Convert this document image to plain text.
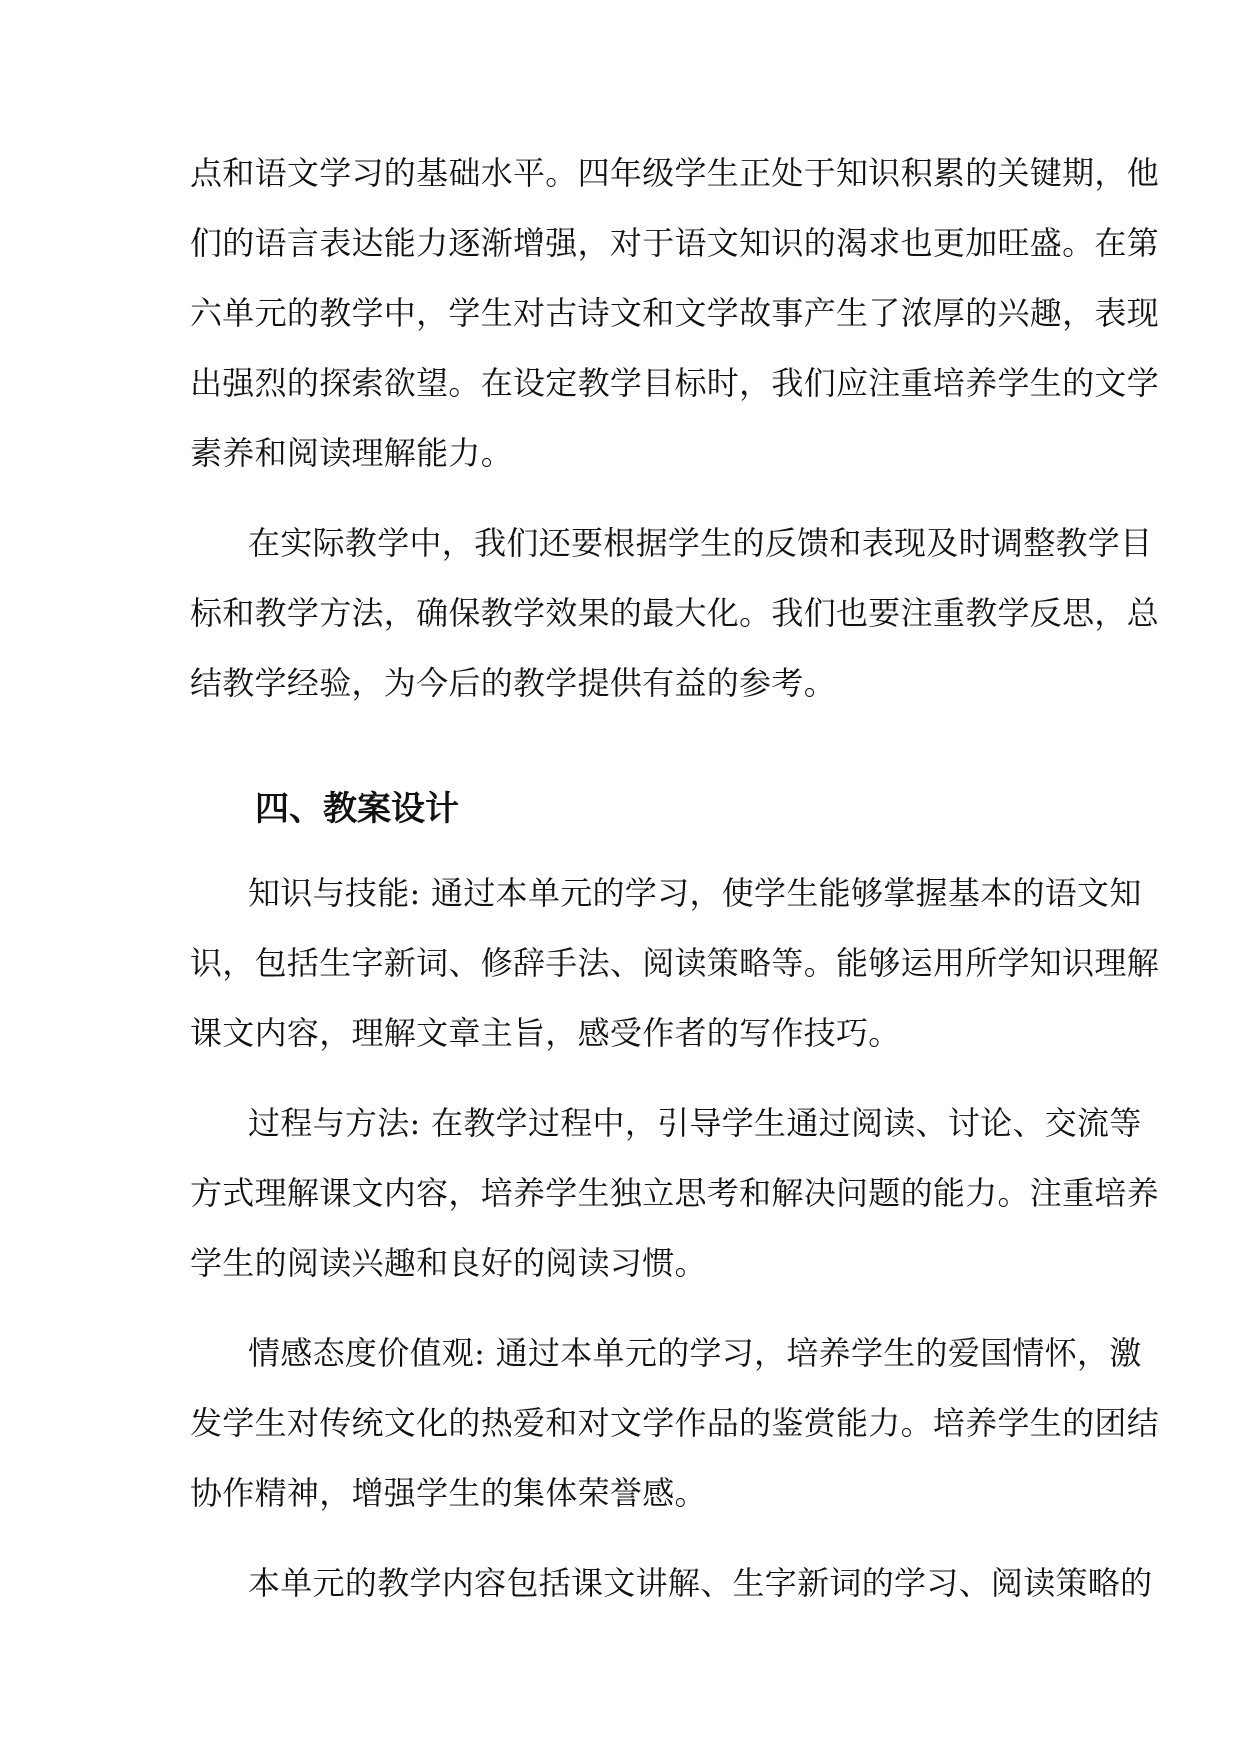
点和语文学习的基础水平。四年级学生正处于知识积累的关键期，他
们的语言表达能力逐渐增强，对于语文知识的渴求也更加旺盛。在第
六单元的教学中，学生对古诗文和文学故事产生了浓厚的兴趣，表现
出强烈的探索欲望。在设定教学目标时，我们应注重培养学生的文学
素养和阅读理解能力。
在实际教学中，我们还要根据学生的反馈和表现及时调整教学目
标和教学方法，确保教学效果的最大化。我们也要注重教学反思，总
结教学经验，为今后的教学提供有益的参考。
四、教案设计
知识与技能: 通过本单元的学习，使学生能够掌握基本的语文知
识，包括生字新词、修辞手法、阅读策略等。能够运用所学知识理解
课文内容，理解文章主旨，感受作者的写作技巧。
过程与方法: 在教学过程中，引导学生通过阅读、讨论、交流等
方式理解课文内容，培养学生独立思考和解决问题的能力。注重培养
学生的阅读兴趣和良好的阅读习惯。
情感态度价值观: 通过本单元的学习，培养学生的爱国情怀，激
发学生对传统文化的热爱和对文学作品的鉴赏能力。培养学生的团结
协作精神，增强学生的集体荣誉感。
本单元的教学内容包括课文讲解、生字新词的学习、阅读策略的
